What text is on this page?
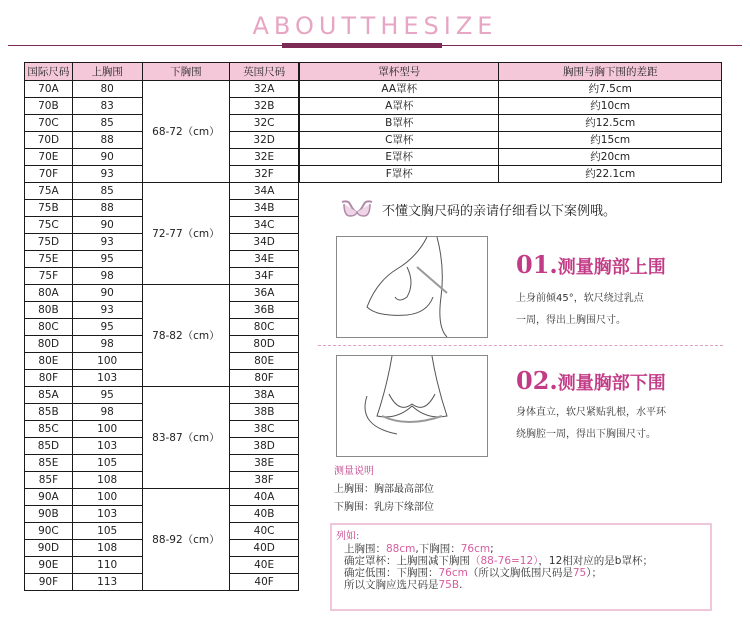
ABOUTTHESIZE
国际尺码	上胸围	下胸围	英国尺码
70A	80	68-72（cm）	32A
70B	83		32B
70C	85		32C
70D	88		32D
70E	90		32E
70F	93		32F
75A	85	72-77（cm）	34A
75B	88		34B
75C	90		34C
75D	93		34D
75E	95		34E
75F	98		34F
80A	90	78-82（cm）	36A
80B	93		36B
80C	95		80C
80D	98		80D
80E	100		80E
80F	103		80F
85A	95	83-87（cm）	38A
85B	98		38B
85C	100		38C
85D	103		38D
85E	105		38E
85F	108		38F
90A	100	88-92（cm）	40A
90B	103		40B
90C	105		40C
90D	108		40D
90E	110		40E
90F	113		40F
罩杯型号	胸围与胸下围的差距
AA罩杯	约7.5cm
A罩杯	约10cm
B罩杯	约12.5cm
C罩杯	约15cm
E罩杯	约20cm
F罩杯	约22.1cm
不懂文胸尺码的亲请仔细看以下案例哦。
01.测量胸部上围
上身前倾45°，软尺绕过乳点
一周，得出上胸围尺寸。
02.测量胸部下围
身体直立，软尺紧贴乳根，水平环
绕胸腔一周，得出下胸围尺寸。
测量说明
上胸围：胸部最高部位
下胸围：乳房下缘部位
列如:
上胸围：88cm,下胸围：76cm;
确定罩杯：上胸围减下胸围（88-76=12），12相对应的是b罩杯；
确定低围：下胸围：76cm（所以文胸低围尺码是75）；
所以文胸应选尺码是75B.
